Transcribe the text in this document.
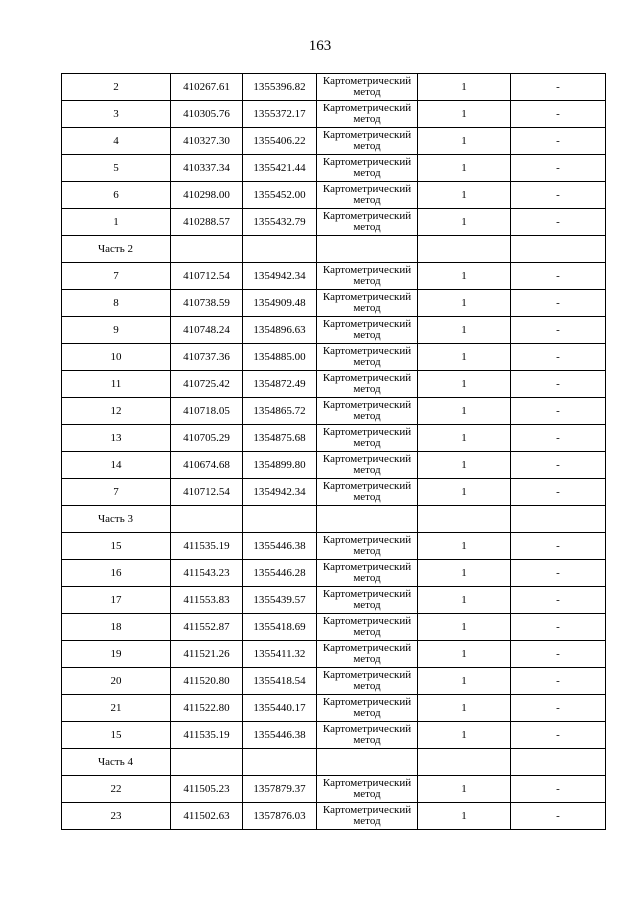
163
2	410267.61	1355396.82	Картометрический метод	1	-
3	410305.76	1355372.17	Картометрический метод	1	-
4	410327.30	1355406.22	Картометрический метод	1	-
5	410337.34	1355421.44	Картометрический метод	1	-
6	410298.00	1355452.00	Картометрический метод	1	-
1	410288.57	1355432.79	Картометрический метод	1	-
Часть 2					
7	410712.54	1354942.34	Картометрический метод	1	-
8	410738.59	1354909.48	Картометрический метод	1	-
9	410748.24	1354896.63	Картометрический метод	1	-
10	410737.36	1354885.00	Картометрический метод	1	-
11	410725.42	1354872.49	Картометрический метод	1	-
12	410718.05	1354865.72	Картометрический метод	1	-
13	410705.29	1354875.68	Картометрический метод	1	-
14	410674.68	1354899.80	Картометрический метод	1	-
7	410712.54	1354942.34	Картометрический метод	1	-
Часть 3					
15	411535.19	1355446.38	Картометрический метод	1	-
16	411543.23	1355446.28	Картометрический метод	1	-
17	411553.83	1355439.57	Картометрический метод	1	-
18	411552.87	1355418.69	Картометрический метод	1	-
19	411521.26	1355411.32	Картометрический метод	1	-
20	411520.80	1355418.54	Картометрический метод	1	-
21	411522.80	1355440.17	Картометрический метод	1	-
15	411535.19	1355446.38	Картометрический метод	1	-
Часть 4					
22	411505.23	1357879.37	Картометрический метод	1	-
23	411502.63	1357876.03	Картометрический метод	1	-
